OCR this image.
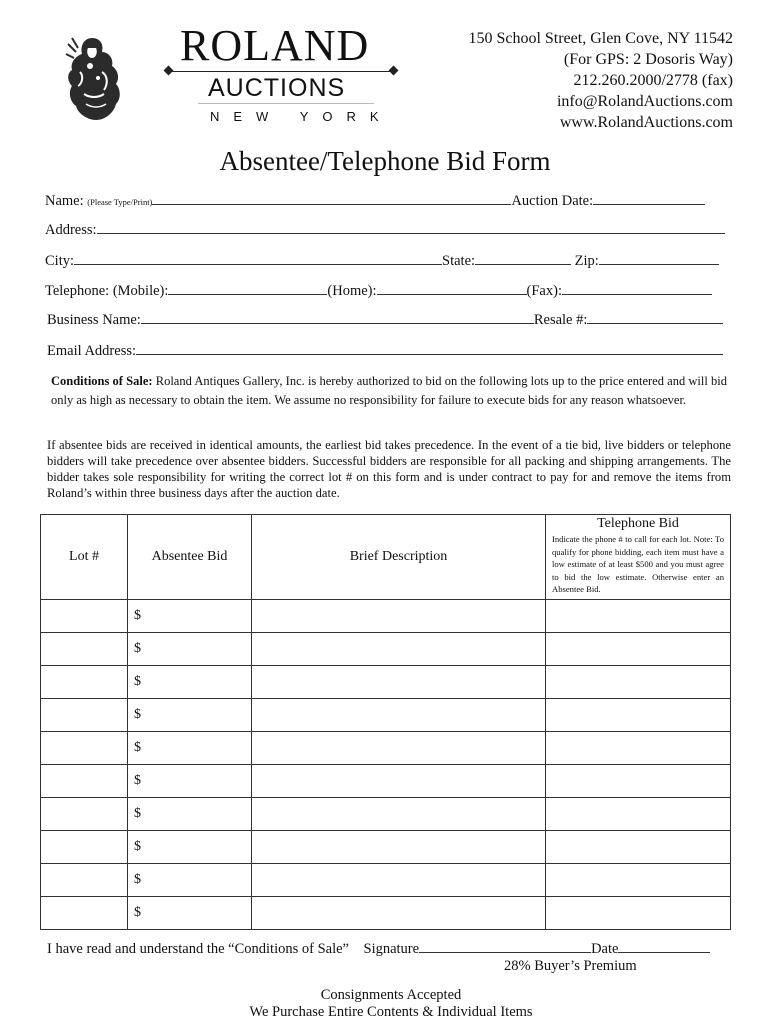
ROLAND
AUCTIONS
NEW YORK
150 School Street, Glen Cove, NY 11542
(For GPS: 2 Dosoris Way)
212.260.2000/2778 (fax)
info@RolandAuctions.com
www.RolandAuctions.com
Absentee/Telephone Bid Form
Name: (Please Type/Print)	Auction Date:
Address:
City:	State:	Zip:
Telephone: (Mobile):	(Home):	(Fax):
Business Name:	Resale #:
Email Address:
Conditions of Sale: Roland Antiques Gallery, Inc. is hereby authorized to bid on the following lots up to the price entered and will bid only as high as necessary to obtain the item. We assume no responsibility for failure to execute bids for any reason whatsoever.
If absentee bids are received in identical amounts, the earliest bid takes precedence. In the event of a tie bid, live bidders or telephone bidders will take precedence over absentee bidders. Successful bidders are responsible for all packing and shipping arrangements. The bidder takes sole responsibility for writing the correct lot # on this form and is under contract to pay for and remove the items from Roland’s within three business days after the auction date.
Lot #	Absentee Bid	Brief Description	Telephone Bid
Indicate the phone # to call for each lot. Note: To qualify for phone bidding, each item must have a low estimate of at least $500 and you must agree to bid the low estimate. Otherwise enter an Absentee Bid.

	$		
	$		
	$		
	$		
	$		
	$		
	$		
	$		
	$		
	$		
I have read and understand the “Conditions of Sale” Signature	Date
28% Buyer’s Premium
Consignments Accepted
We Purchase Entire Contents & Individual Items
